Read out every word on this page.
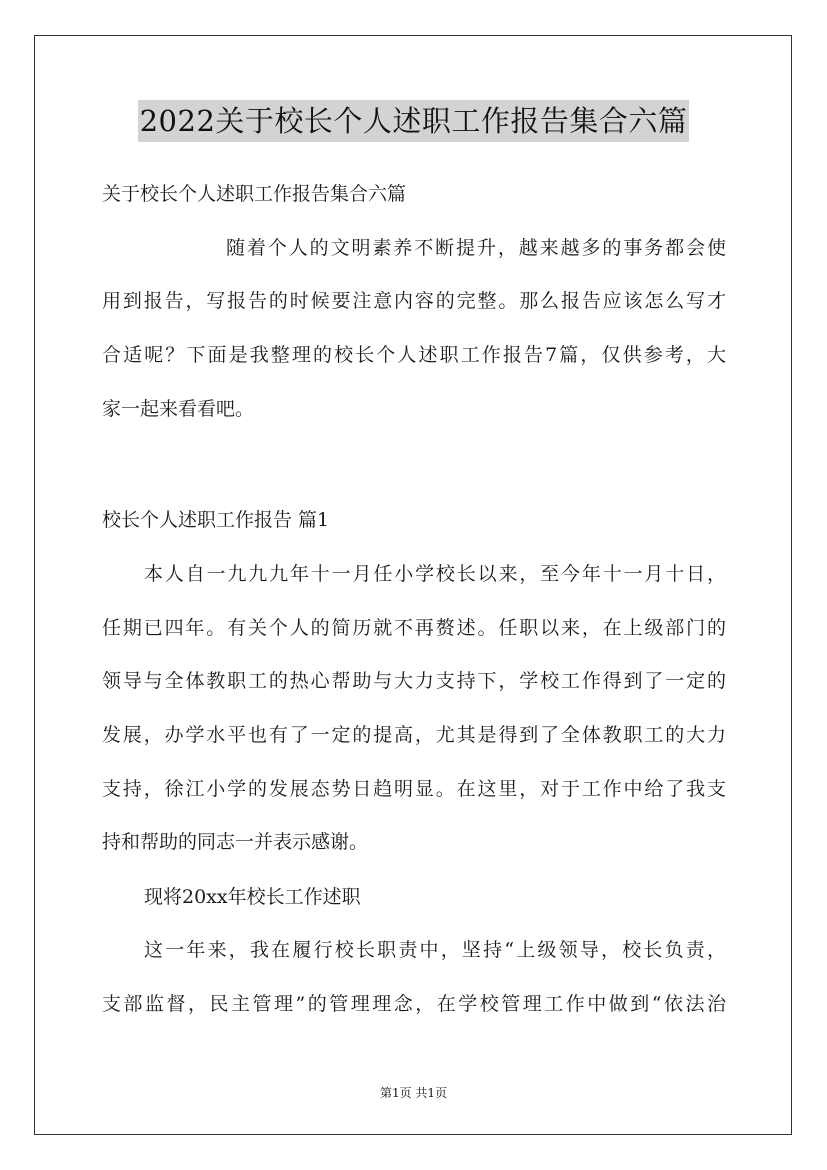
2022关于校长个人述职工作报告集合六篇
关于校长个人述职工作报告集合六篇
随着个人的文明素养不断提升，越来越多的事务都会使
用到报告，写报告的时候要注意内容的完整。那么报告应该怎么写才
合适呢？下面是我整理的校长个人述职工作报告7篇，仅供参考，大
家一起来看看吧。
校长个人述职工作报告 篇1
本人自一九九九年十一月任小学校长以来，至今年十一月十日，
任期已四年。有关个人的简历就不再赘述。任职以来，在上级部门的
领导与全体教职工的热心帮助与大力支持下，学校工作得到了一定的
发展，办学水平也有了一定的提高，尤其是得到了全体教职工的大力
支持，徐江小学的发展态势日趋明显。在这里，对于工作中给了我支
持和帮助的同志一并表示感谢。
现将20xx年校长工作述职
这一年来，我在履行校长职责中，坚持“上级领导，校长负责，
支部监督，民主管理”的管理理念，在学校管理工作中做到“依法治
第1页 共1页
